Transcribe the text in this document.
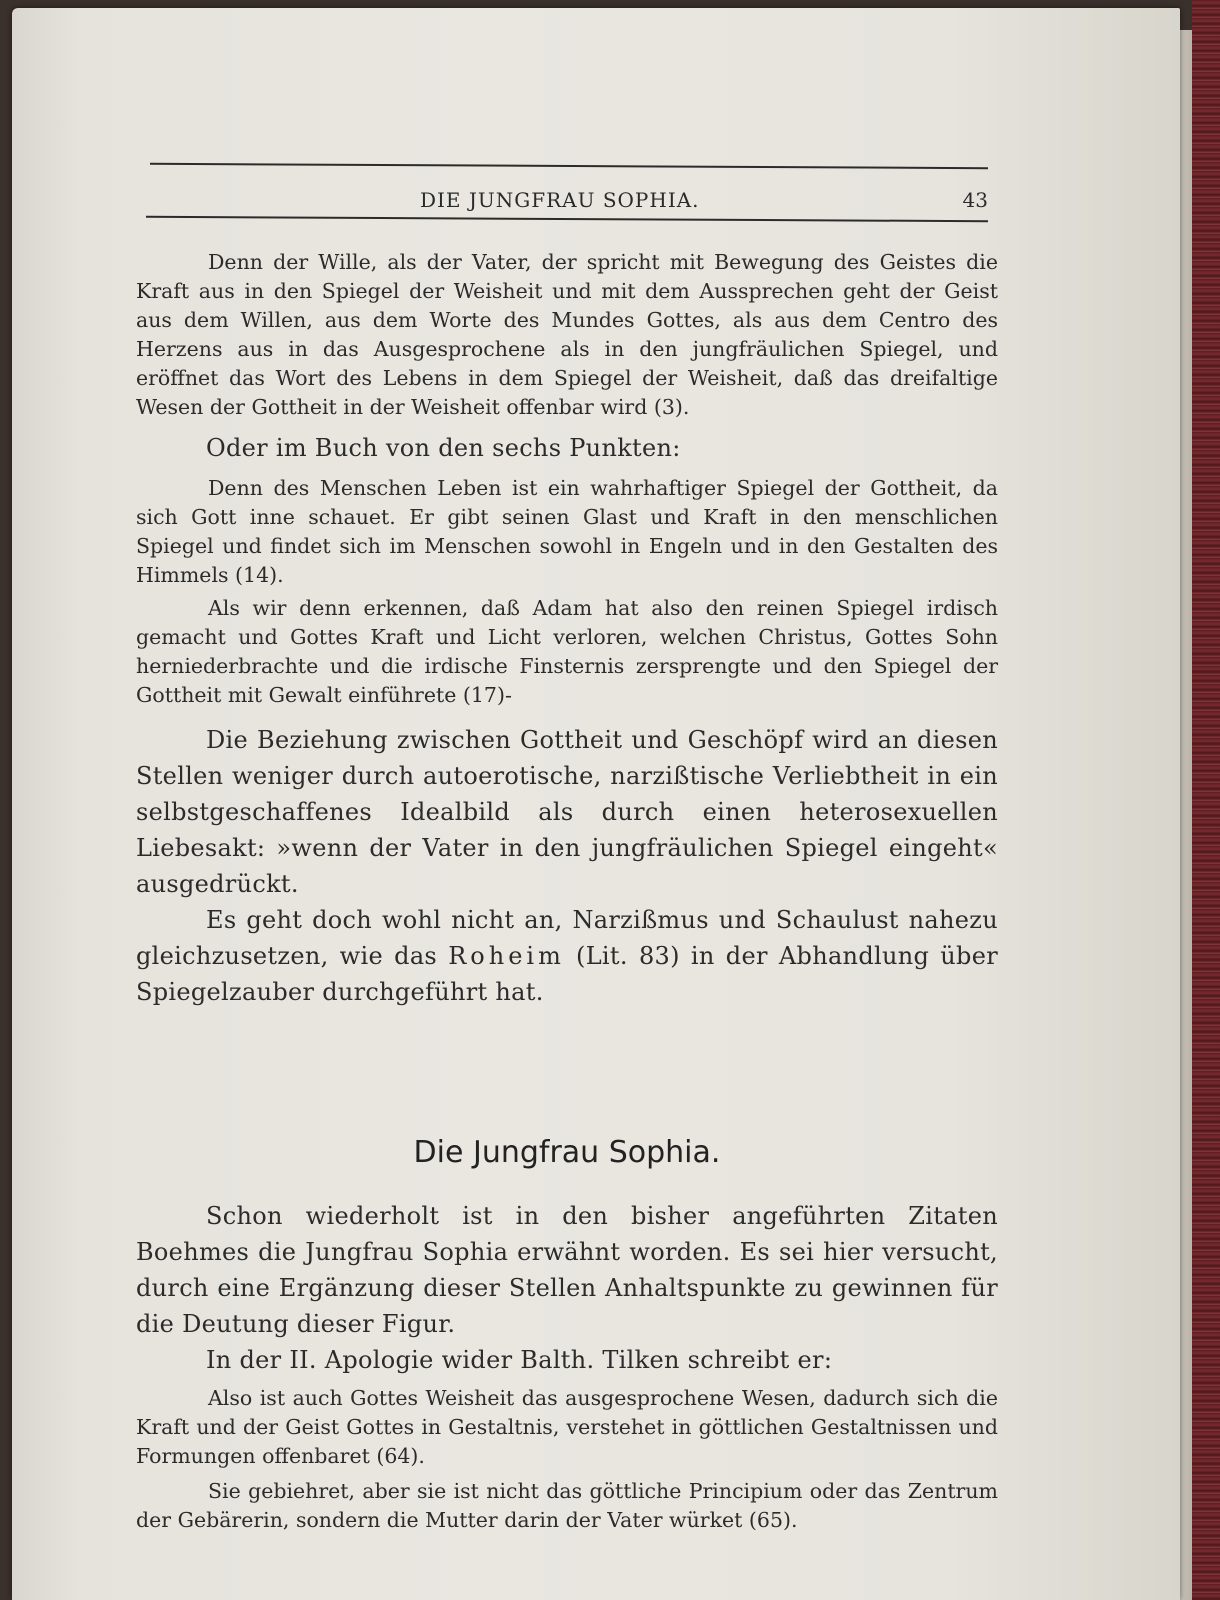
DIE JUNGFRAU SOPHIA.	43

Denn der Wille, als der Vater, der spricht mit Bewegung des Geistes die Kraft aus in den Spiegel der Weisheit und mit dem Aussprechen geht der Geist aus dem Willen, aus dem Worte des Mundes Gottes, als aus dem Centro des Herzens aus in das Ausgesprochene als in den jungfräulichen Spiegel, und eröffnet das Wort des Lebens in dem Spiegel der Weisheit, daß das dreifaltige Wesen der Gottheit in der Weisheit offenbar wird (3).

Oder im Buch von den sechs Punkten:

Denn des Menschen Leben ist ein wahrhaftiger Spiegel der Gottheit, da sich Gott inne schauet. Er gibt seinen Glast und Kraft in den menschlichen Spiegel und findet sich im Menschen sowohl in Engeln und in den Gestalten des Himmels (14).

Als wir denn erkennen, daß Adam hat also den reinen Spiegel irdisch gemacht und Gottes Kraft und Licht verloren, welchen Christus, Gottes Sohn herniederbrachte und die irdische Finsternis zersprengte und den Spiegel der Gottheit mit Gewalt einführete (17)-

Die Beziehung zwischen Gottheit und Geschöpf wird an diesen Stellen weniger durch autoerotische, narzißtische Verliebtheit in ein selbstgeschaffenes Idealbild als durch einen heterosexuellen Liebesakt: »wenn der Vater in den jungfräulichen Spiegel eingeht« ausgedrückt.

Es geht doch wohl nicht an, Narzißmus und Schaulust nahezu gleichzusetzen, wie das Roheim (Lit. 83) in der Abhandlung über Spiegelzauber durchgeführt hat.

Die Jungfrau Sophia.

Schon wiederholt ist in den bisher angeführten Zitaten Boehmes die Jungfrau Sophia erwähnt worden. Es sei hier versucht, durch eine Ergänzung dieser Stellen Anhaltspunkte zu gewinnen für die Deutung dieser Figur.

In der II. Apologie wider Balth. Tilken schreibt er:

Also ist auch Gottes Weisheit das ausgesprochene Wesen, dadurch sich die Kraft und der Geist Gottes in Gestaltnis, verstehet in göttlichen Gestaltnissen und Formungen offenbaret (64).

Sie gebiehret, aber sie ist nicht das göttliche Principium oder das Zentrum der Gebärerin, sondern die Mutter darin der Vater würket (65).
